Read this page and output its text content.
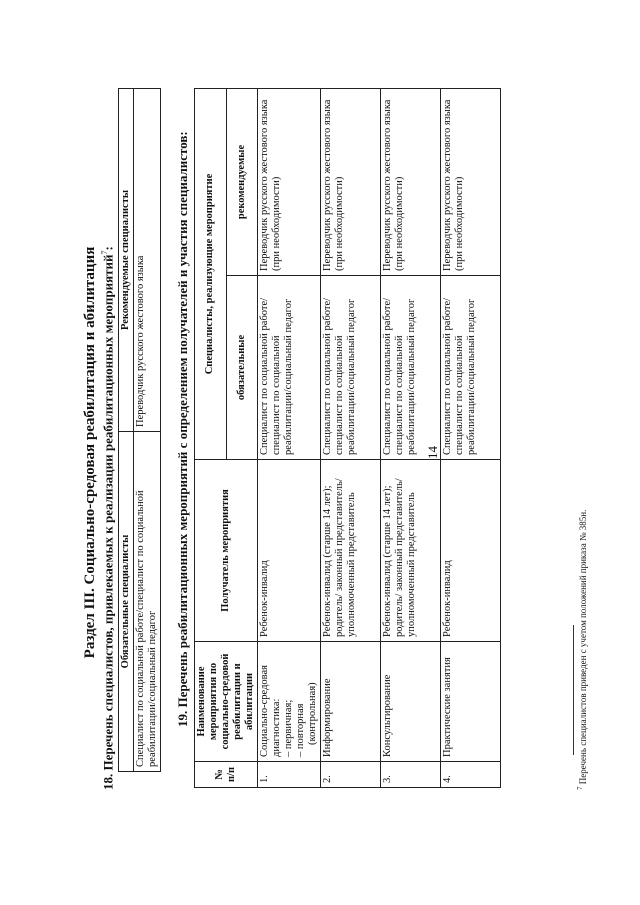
14
Раздел III. Социально-средовая реабилитация и абилитация 18. Перечень специалистов, привлекаемых к реализации реабилитационных мероприятий$^7$:
Обязательные специалисты	Рекомендуемые специалисты
Специалист по социальной работе/специалист по социальной реабилитации/социальный педагог	Переводчик русского жестового языка 19. Перечень реабилитационных мероприятий с определением получателей и участия специалистов:
№ п/п	Наименование мероприятия по социально-средовой реабилитации и абилитации	Получатель мероприятия	Специалисты, реализующие мероприятие	
			обязательные	рекомендуемые
1.	Социально-средовая диагностика: – первичная; – повторная (контрольная)	Ребенок-инвалид	Специалист по социальной работе/специалист по социальной реабилитации/социальный педагог	Переводчик русского жестового языка (при необходимости)
2.	Информирование	Ребенок-инвалид (старше 14 лет); родитель/ законный представитель/ уполномоченный представитель	Специалист по социальной работе/специалист по социальной реабилитации/социальный педагог	Переводчик русского жестового языка (при необходимости)
3.	Консультирование	Ребенок-инвалид (старше 14 лет); родитель/ законный представитель/ уполномоченный представитель	Специалист по социальной работе/специалист по социальной реабилитации/социальный педагог	Переводчик русского жестового языка (при необходимости)
4.	Практические занятия	Ребенок-инвалид	Специалист по социальной работе/специалист по социальной реабилитации/социальный педагог	Переводчик русского жестового языка (при необходимости)
$^7$ Перечень специалистов приведен с учетом положений приказа № 385н.
